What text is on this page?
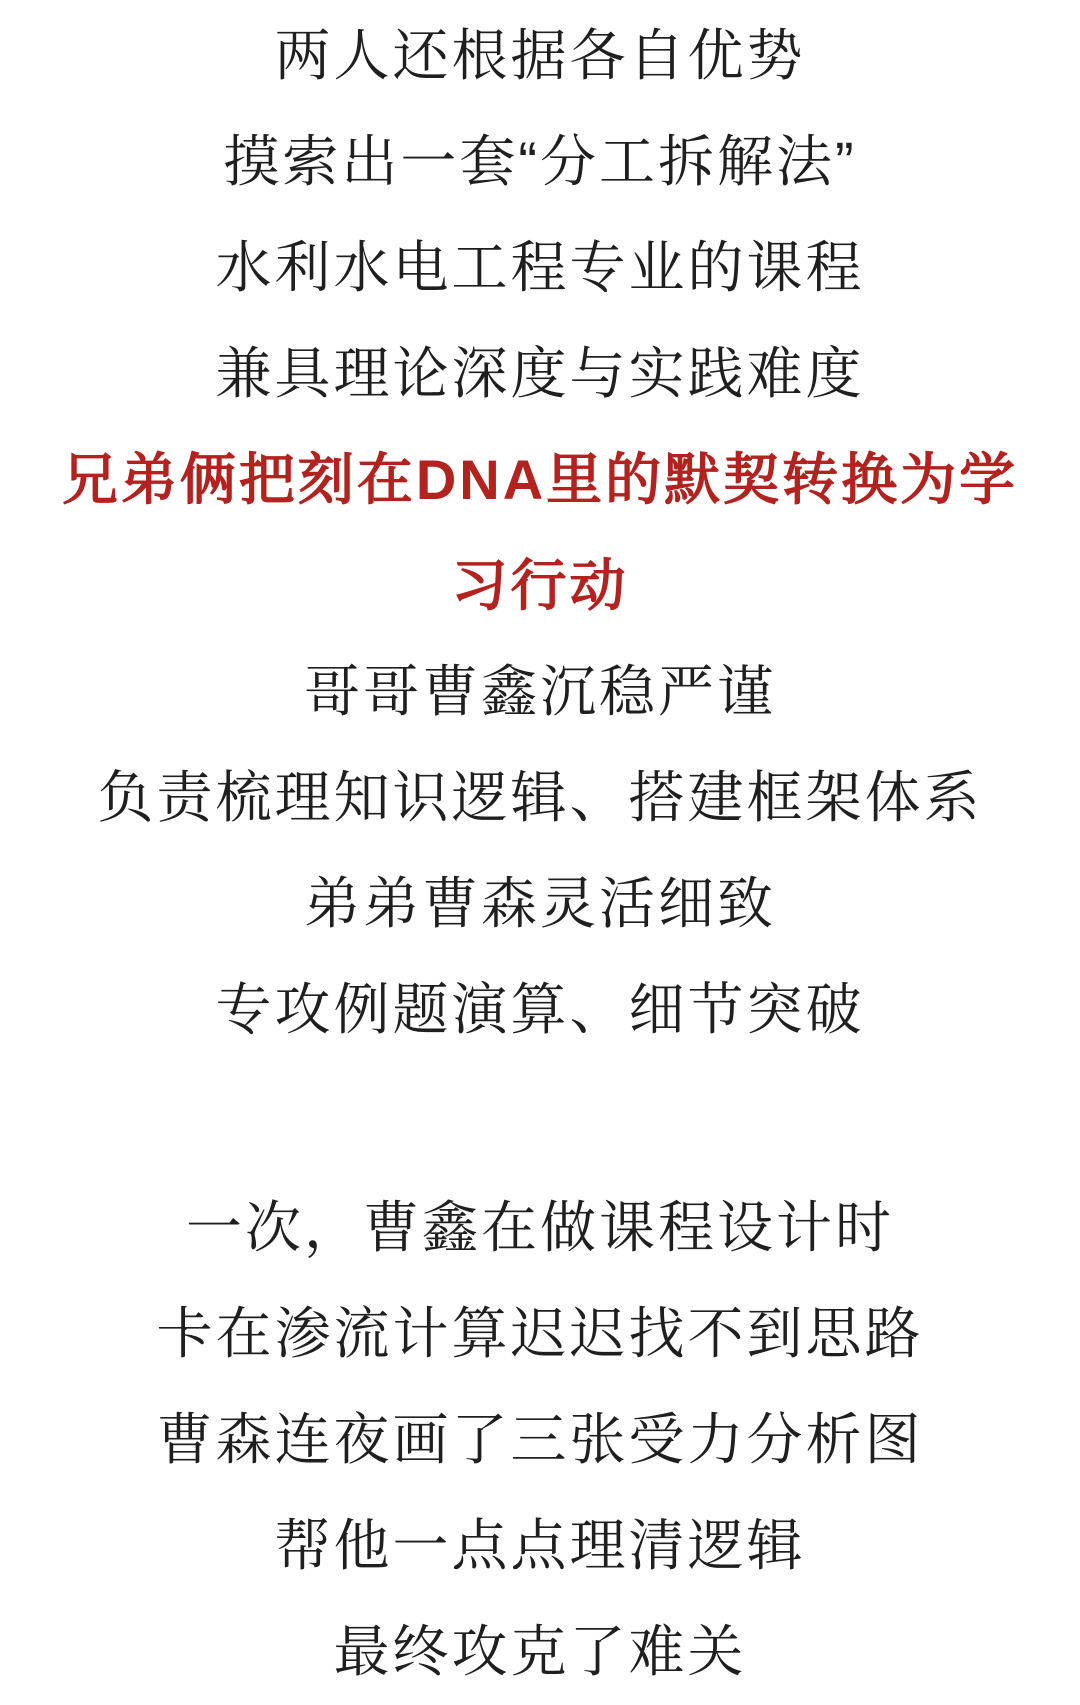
两人还根据各自优势
摸索出一套“分工拆解法”
水利水电工程专业的课程
兼具理论深度与实践难度
兄弟俩把刻在DNA里的默契转换为学
习行动
哥哥曹鑫沉稳严谨
负责梳理知识逻辑、搭建框架体系
弟弟曹森灵活细致
专攻例题演算、细节突破
一次，曹鑫在做课程设计时
卡在渗流计算迟迟找不到思路
曹森连夜画了三张受力分析图
帮他一点点理清逻辑
最终攻克了难关
